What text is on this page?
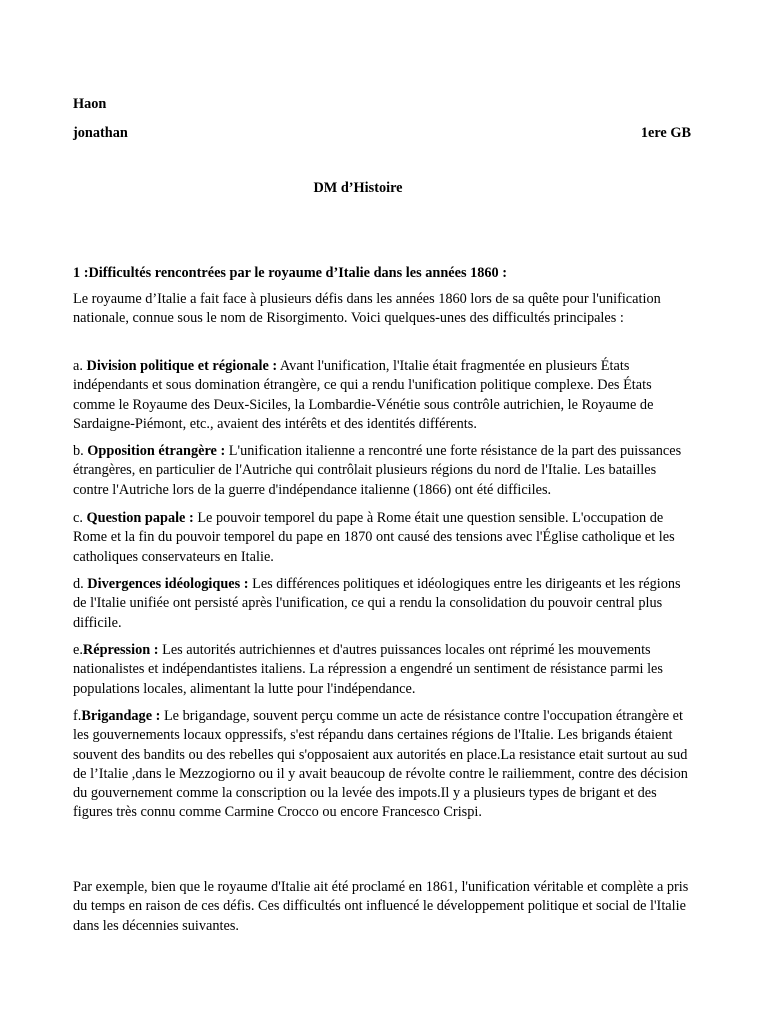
Haon

jonathan	1ere GB

DM d’Histoire

1 :Difficultés rencontrées par le royaume d’Italie dans les années 1860 :

Le royaume d’Italie a fait face à plusieurs défis dans les années 1860 lors de sa quête pour l'unification nationale, connue sous le nom de Risorgimento. Voici quelques-unes des difficultés principales :

a. Division politique et régionale : Avant l'unification, l'Italie était fragmentée en plusieurs États indépendants et sous domination étrangère, ce qui a rendu l'unification politique complexe. Des États comme le Royaume des Deux-Siciles, la Lombardie-Vénétie sous contrôle autrichien, le Royaume de Sardaigne-Piémont, etc., avaient des intérêts et des identités différents.

b. Opposition étrangère : L'unification italienne a rencontré une forte résistance de la part des puissances étrangères, en particulier de l'Autriche qui contrôlait plusieurs régions du nord de l'Italie. Les batailles contre l'Autriche lors de la guerre d'indépendance italienne (1866) ont été difficiles.

c. Question papale : Le pouvoir temporel du pape à Rome était une question sensible. L'occupation de Rome et la fin du pouvoir temporel du pape en 1870 ont causé des tensions avec l'Église catholique et les catholiques conservateurs en Italie.

d. Divergences idéologiques : Les différences politiques et idéologiques entre les dirigeants et les régions de l'Italie unifiée ont persisté après l'unification, ce qui a rendu la consolidation du pouvoir central plus difficile.

e.Répression : Les autorités autrichiennes et d'autres puissances locales ont réprimé les mouvements nationalistes et indépendantistes italiens. La répression a engendré un sentiment de résistance parmi les populations locales, alimentant la lutte pour l'indépendance.

f.Brigandage : Le brigandage, souvent perçu comme un acte de résistance contre l'occupation étrangère et les gouvernements locaux oppressifs, s'est répandu dans certaines régions de l'Italie. Les brigands étaient souvent des bandits ou des rebelles qui s'opposaient aux autorités en place.La resistance etait surtout au sud de l’Italie ,dans le Mezzogiorno ou il y avait beaucoup de révolte contre le railiemment, contre des décision du gouvernement comme la conscription ou la levée des impots.Il y a plusieurs types de brigant et des figures très connu comme Carmine Crocco ou encore Francesco Crispi.

Par exemple, bien que le royaume d'Italie ait été proclamé en 1861, l'unification véritable et complète a pris du temps en raison de ces défis. Ces difficultés ont influencé le développement politique et social de l'Italie dans les décennies suivantes.
